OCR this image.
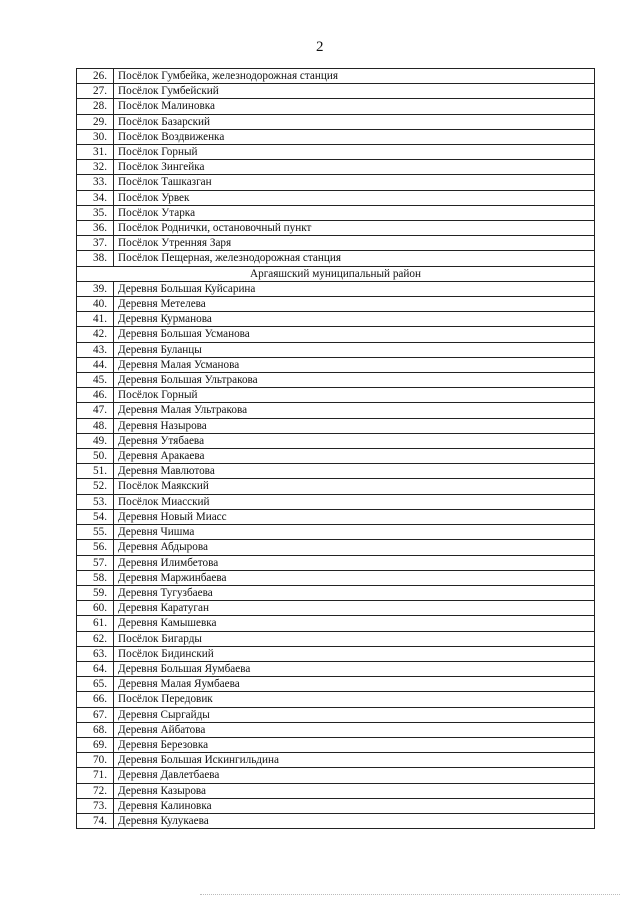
2
26.	Посёлок Гумбейка, железнодорожная станция
27.	Посёлок Гумбейский
28.	Посёлок Малиновка
29.	Посёлок Базарский
30.	Посёлок Воздвиженка
31.	Посёлок Горный
32.	Посёлок Зингейка
33.	Посёлок Ташказган
34.	Посёлок Урвек
35.	Посёлок Утарка
36.	Посёлок Роднички, остановочный пункт
37.	Посёлок Утренняя Заря
38.	Посёлок Пещерная, железнодорожная станция
Аргаяшский муниципальный район	
39.	Деревня Большая Куйсарина
40.	Деревня Метелева
41.	Деревня Курманова
42.	Деревня Большая Усманова
43.	Деревня Буланцы
44.	Деревня Малая Усманова
45.	Деревня Большая Ультракова
46.	Посёлок Горный
47.	Деревня Малая Ультракова
48.	Деревня Назырова
49.	Деревня Утябаева
50.	Деревня Аракаева
51.	Деревня Мавлютова
52.	Посёлок Маякский
53.	Посёлок Миасский
54.	Деревня Новый Миасс
55.	Деревня Чишма
56.	Деревня Абдырова
57.	Деревня Илимбетова
58.	Деревня Маржинбаева
59.	Деревня Тугузбаева
60.	Деревня Каратуган
61.	Деревня Камышевка
62.	Посёлок Бигарды
63.	Посёлок Бидинский
64.	Деревня Большая Яумбаева
65.	Деревня Малая Яумбаева
66.	Посёлок Передовик
67.	Деревня Сыргайды
68.	Деревня Айбатова
69.	Деревня Березовка
70.	Деревня Большая Искингильдина
71.	Деревня Давлетбаева
72.	Деревня Казырова
73.	Деревня Калиновка
74.	Деревня Кулукаева
